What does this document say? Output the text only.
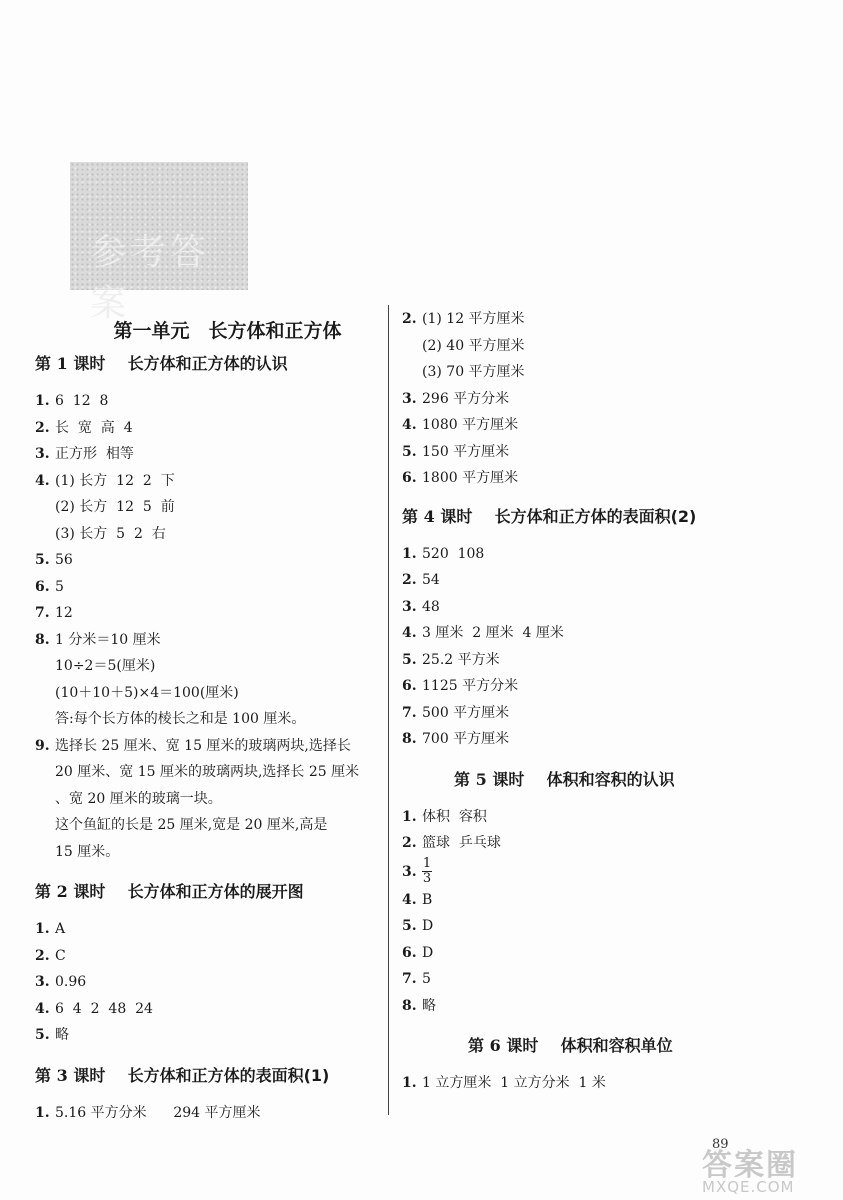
参考答案
第一单元　长方体和正方体
第 1 课时 长方体和正方体的认识
1. 6  12  8
2. 长  宽  高  4
3. 正方形  相等
4. (1) 长方  12  2  下
(2) 长方  12  5  前
(3) 长方  5  2  右
5. 56
6. 5
7. 12
8. 1 分米＝10 厘米
10÷2＝5(厘米)
(10＋10＋5)×4＝100(厘米)
答:每个长方体的棱长之和是 100 厘米。
9. 选择长 25 厘米、宽 15 厘米的玻璃两块,选择长
20 厘米、宽 15 厘米的玻璃两块,选择长 25 厘米
、宽 20 厘米的玻璃一块。
这个鱼缸的长是 25 厘米,宽是 20 厘米,高是
15 厘米。
第 2 课时 长方体和正方体的展开图
1. A
2. C
3. 0.96
4. 6  4  2  48  24
5. 略
第 3 课时 长方体和正方体的表面积(1)
1. 5.16 平方分米      294 平方厘米
2. (1) 12 平方厘米
(2) 40 平方厘米
(3) 70 平方厘米
3. 296 平方分米
4. 1080 平方厘米
5. 150 平方厘米
6. 1800 平方厘米
第 4 课时 长方体和正方体的表面积(2)
1. 520  108
2. 54
3. 48
4. 3 厘米  2 厘米  4 厘米
5. 25.2 平方米
6. 1125 平方分米
7. 500 平方厘米
8. 700 平方厘米
第 5 课时 体积和容积的认识
1. 体积  容积
2. 篮球  乒乓球
3. $\frac{1}{3}$
4. B
5. D
6. D
7. 5
8. 略
第 6 课时 体积和容积单位
1. 1 立方厘米  1 立方分米  1 米
89
答案圈
MXQE.COM
